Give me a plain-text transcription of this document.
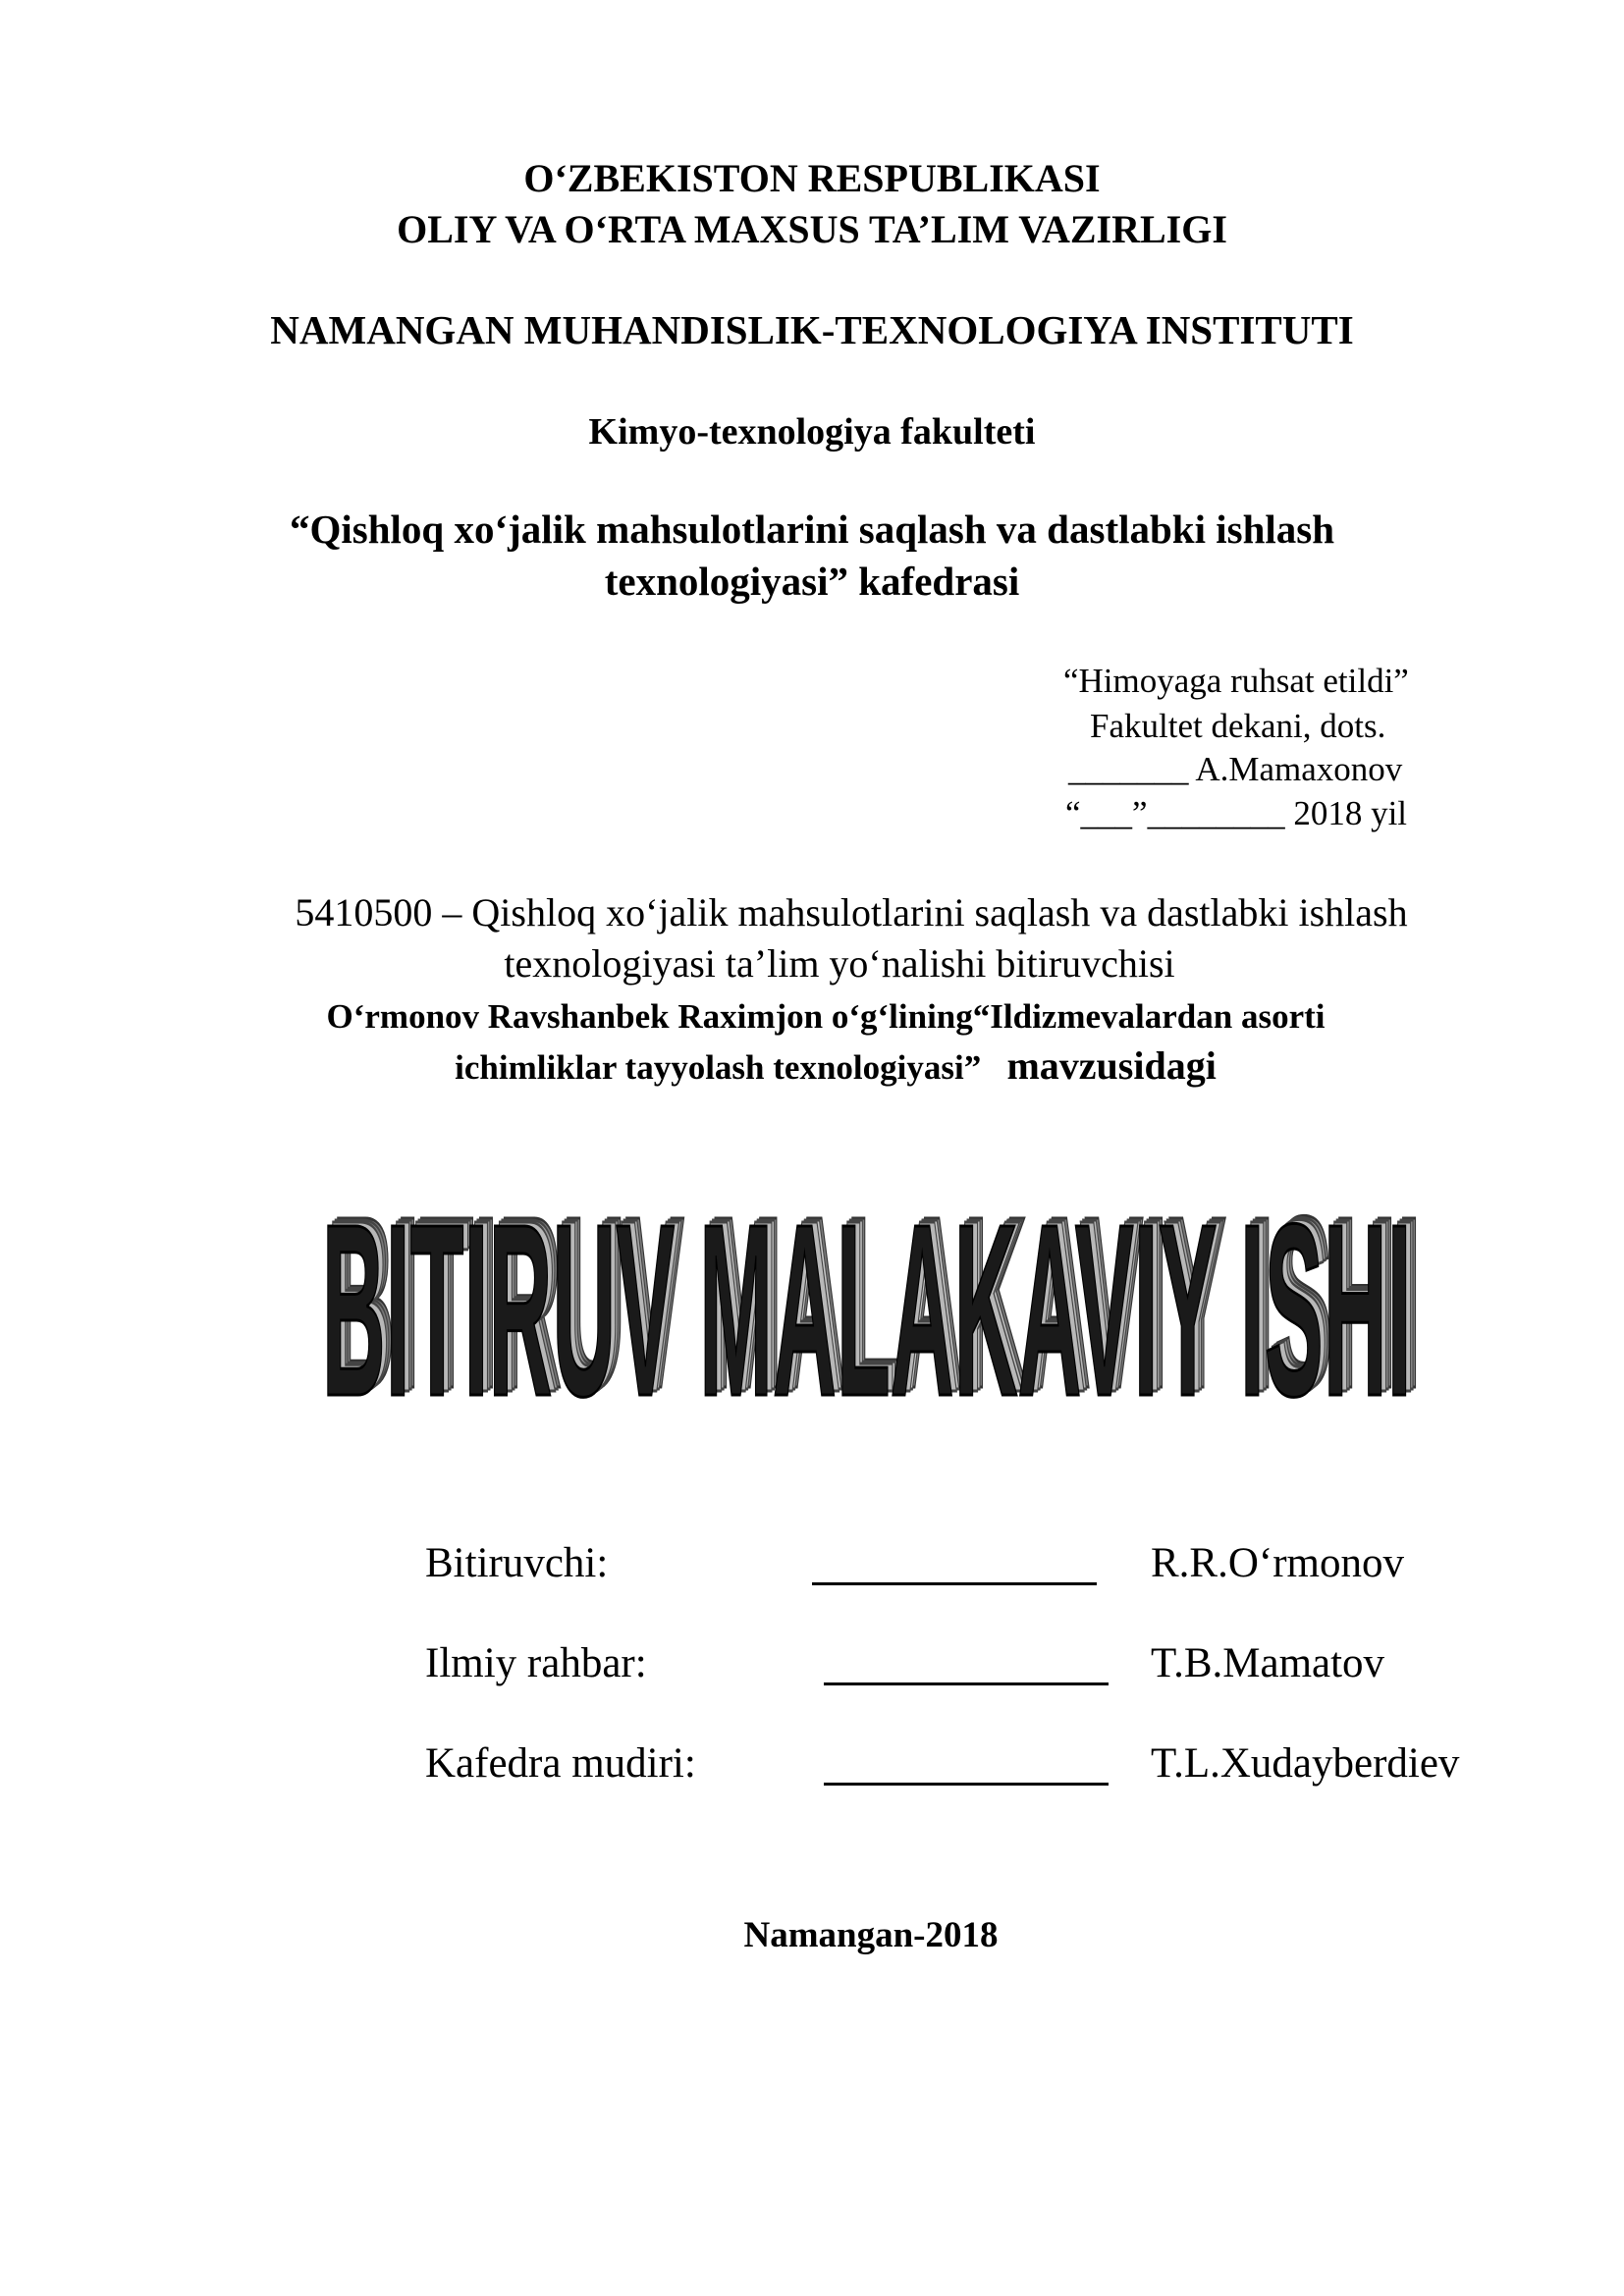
O‘ZBEKISTON RESPUBLIKASI
OLIY VA O‘RTA MAXSUS TA’LIM VAZIRLIGI
NAMANGAN MUHANDISLIK-TEXNOLOGIYA INSTITUTI
Kimyo-texnologiya fakulteti
“Qishloq xo‘jalik mahsulotlarini saqlash va dastlabki ishlash
texnologiyasi” kafedrasi
“Himoyaga ruhsat etildi”
Fakultet dekani, dots.
_______ A.Mamaxonov
“___”________ 2018 yil
5410500 – Qishloq xo‘jalik mahsulotlarini saqlash va dastlabki ishlash
texnologiyasi ta’lim yo‘nalishi bitiruvchisi
O‘rmonov Ravshanbek Raximjon o‘g‘lining“Ildizmevalardan asorti
ichimliklar tayyolash texnologiyasi” mavzusidagi
BITIRUV MALAKAVIY ISHI
BITIRUV MALAKAVIY ISHI
BITIRUV MALAKAVIY ISHI
BITIRUV MALAKAVIY ISHI
Bitiruvchi:	R.R.O‘rmonov
Ilmiy rahbar:	T.B.Mamatov
Kafedra mudiri:	T.L.Xudayberdiev
Namangan-2018
